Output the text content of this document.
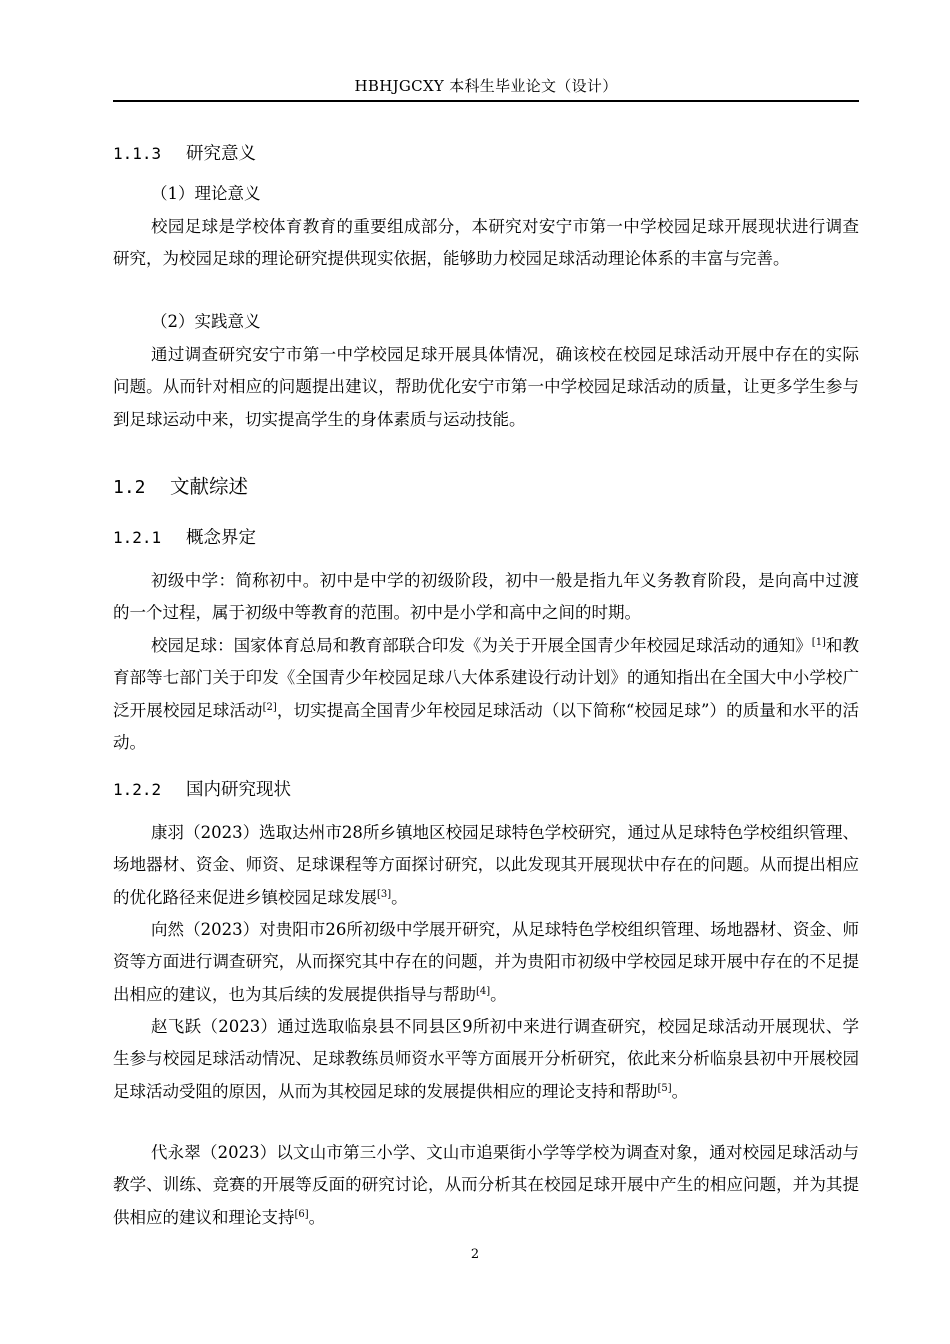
HBHJGCXY 本科生毕业论文（设计）
1.1.3 研究意义
（1）理论意义
校园足球是学校体育教育的重要组成部分，本研究对安宁市第一中学校园足球开展现状进行调查研究，为校园足球的理论研究提供现实依据，能够助力校园足球活动理论体系的丰富与完善。
（2）实践意义
通过调查研究安宁市第一中学校园足球开展具体情况，确该校在校园足球活动开展中存在的实际问题。从而针对相应的问题提出建议，帮助优化安宁市第一中学校园足球活动的质量，让更多学生参与到足球运动中来，切实提高学生的身体素质与运动技能。
1.2 文献综述
1.2.1 概念界定
初级中学：简称初中。初中是中学的初级阶段，初中一般是指九年义务教育阶段，是向高中过渡的一个过程，属于初级中等教育的范围。初中是小学和高中之间的时期。
校园足球：国家体育总局和教育部联合印发《为关于开展全国青少年校园足球活动的通知》[1]和教育部等七部门关于印发《全国青少年校园足球八大体系建设行动计划》的通知指出在全国大中小学校广泛开展校园足球活动[2]，切实提高全国青少年校园足球活动（以下简称“校园足球”）的质量和水平的活动。
1.2.2 国内研究现状
康羽（2023）选取达州市28所乡镇地区校园足球特色学校研究，通过从足球特色学校组织管理、场地器材、资金、师资、足球课程等方面探讨研究，以此发现其开展现状中存在的问题。从而提出相应的优化路径来促进乡镇校园足球发展[3]。
向然（2023）对贵阳市26所初级中学展开研究，从足球特色学校组织管理、场地器材、资金、师资等方面进行调查研究，从而探究其中存在的问题，并为贵阳市初级中学校园足球开展中存在的不足提出相应的建议，也为其后续的发展提供指导与帮助[4]。
赵飞跃（2023）通过选取临泉县不同县区9所初中来进行调查研究，校园足球活动开展现状、学生参与校园足球活动情况、足球教练员师资水平等方面展开分析研究，依此来分析临泉县初中开展校园足球活动受阻的原因，从而为其校园足球的发展提供相应的理论支持和帮助[5]。
代永翠（2023）以文山市第三小学、文山市追栗街小学等学校为调查对象，通对校园足球活动与教学、训练、竞赛的开展等反面的研究讨论，从而分析其在校园足球开展中产生的相应问题，并为其提供相应的建议和理论支持[6]。
2
